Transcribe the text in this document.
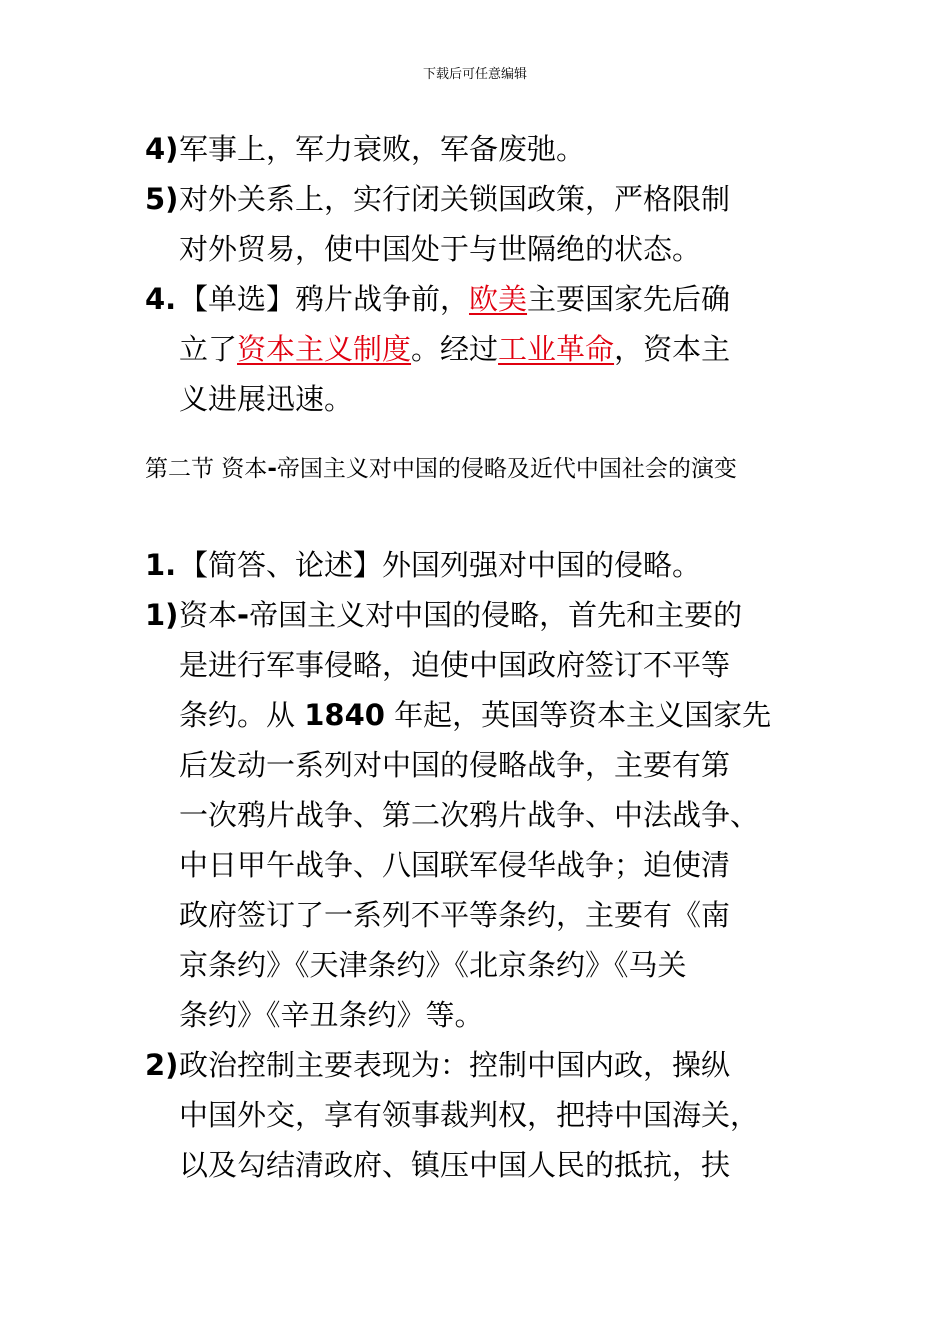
下载后可任意编辑
4) 军事上，军力衰败，军备废弛。
5) 对外关系上，实行闭关锁国政策，严格限制
对外贸易，使中国处于与世隔绝的状态。
4. 【单选】鸦片战争前，欧美主要国家先后确
立了资本主义制度。经过工业革命，资本主
义进展迅速。
第二节 资本-帝国主义对中国的侵略及近代中国社会的演变
1. 【简答、论述】外国列强对中国的侵略。
1) 资本-帝国主义对中国的侵略，首先和主要的
是进行军事侵略，迫使中国政府签订不平等
条约。从 1840 年起，英国等资本主义国家先
后发动一系列对中国的侵略战争，主要有第
一次鸦片战争、第二次鸦片战争、中法战争、
中日甲午战争、八国联军侵华战争；迫使清
政府签订了一系列不平等条约，主要有《南
京条约》《天津条约》《北京条约》《马关
条约》《辛丑条约》等。
2) 政治控制主要表现为：控制中国内政，操纵
中国外交，享有领事裁判权，把持中国海关，
以及勾结清政府、镇压中国人民的抵抗，扶
